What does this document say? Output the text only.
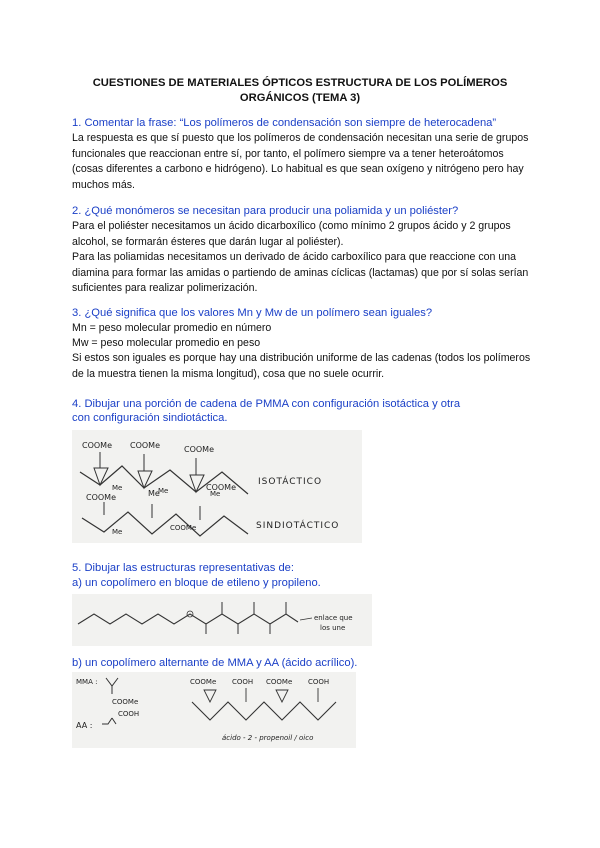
CUESTIONES DE MATERIALES ÓPTICOS ESTRUCTURA DE LOS POLÍMEROS ORGÁNICOS (TEMA 3)
1. Comentar la frase: “Los polímeros de condensación son siempre de heterocadena”
La respuesta es que sí puesto que los polímeros de condensación necesitan una serie de grupos funcionales que reaccionan entre sí, por tanto, el polímero siempre va a tener heteroátomos (cosas diferentes a carbono e hidrógeno). Lo habitual es que sean oxígeno y nitrógeno pero hay muchos más.
2. ¿Qué monómeros se necesitan para producir una poliamida y un poliéster?
Para el poliéster necesitamos un ácido dicarboxílico (como mínimo 2 grupos ácido y 2 grupos alcohol, se formarán ésteres que darán lugar al poliéster).
Para las poliamidas necesitamos un derivado de ácido carboxílico para que reaccione con una diamina para formar las amidas o partiendo de aminas cíclicas (lactamas) que por sí solas serían suficientes para realizar polimerización.
3. ¿Qué significa que los valores Mn y Mw de un polímero sean iguales?
Mn = peso molecular promedio en número
Mw = peso molecular promedio en peso
Si estos son iguales es porque hay una distribución uniforme de las cadenas (todos los polímeros de la muestra tienen la misma longitud), cosa que no suele ocurrir.
4. Dibujar una porción de cadena de PMMA con configuración isotáctica y otra
con configuración sindiotáctica.
COOMe COOMe	COOMe
Me	Me	Me
ISOTÁCTICO
COOMe	Me
COOMe
Me	COOMe	SINDIOTÁCTICO
5. Dibujar las estructuras representativas de:
a) un copolímero en bloque de etileno y propileno.
enlace que
los une
b) un copolímero alternante de MMA y AA (ácido acrílico).
MMA :
COOMe
AA :
COOH
COOMe COOH COOMe COOH
ácido - 2 - propenoil / oico
